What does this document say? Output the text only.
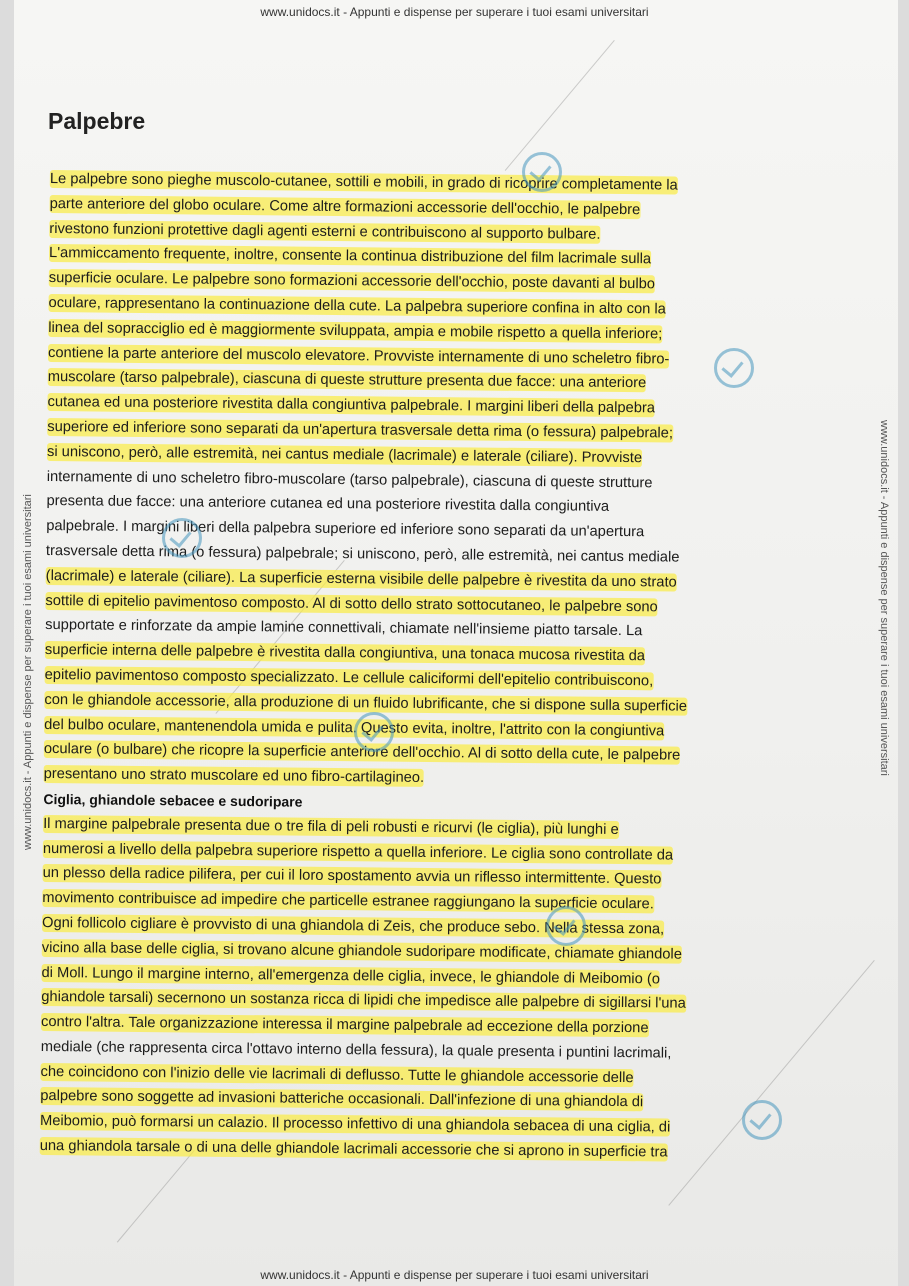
www.unidocs.it - Appunti e dispense per superare i tuoi esami universitari
www.unidocs.it - Appunti e dispense per superare i tuoi esami universitari
www.unidocs.it - Appunti e dispense per superare i tuoi esami universitari	www.unidocs.it - Appunti e dispense per superare i tuoi esami universitari
Palpebre
Le palpebre sono pieghe muscolo-cutanee, sottili e mobili, in grado di ricoprire completamente la
parte anteriore del globo oculare. Come altre formazioni accessorie dell'occhio, le palpebre
rivestono funzioni protettive dagli agenti esterni e contribuiscono al supporto bulbare.
L'ammiccamento frequente, inoltre, consente la continua distribuzione del film lacrimale sulla
superficie oculare. Le palpebre sono formazioni accessorie dell'occhio, poste davanti al bulbo
oculare, rappresentano la continuazione della cute. La palpebra superiore confina in alto con la
linea del sopracciglio ed è maggiormente sviluppata, ampia e mobile rispetto a quella inferiore;
contiene la parte anteriore del muscolo elevatore. Provviste internamente di uno scheletro fibro-
muscolare (tarso palpebrale), ciascuna di queste strutture presenta due facce: una anteriore
cutanea ed una posteriore rivestita dalla congiuntiva palpebrale. I margini liberi della palpebra
superiore ed inferiore sono separati da un'apertura trasversale detta rima (o fessura) palpebrale;
si uniscono, però, alle estremità, nei cantus mediale (lacrimale) e laterale (ciliare). Provviste
internamente di uno scheletro fibro-muscolare (tarso palpebrale), ciascuna di queste strutture
presenta due facce: una anteriore cutanea ed una posteriore rivestita dalla congiuntiva
palpebrale. I margini liberi della palpebra superiore ed inferiore sono separati da un'apertura
trasversale detta rima (o fessura) palpebrale; si uniscono, però, alle estremità, nei cantus mediale
(lacrimale) e laterale (ciliare). La superficie esterna visibile delle palpebre è rivestita da uno strato
sottile di epitelio pavimentoso composto. Al di sotto dello strato sottocutaneo, le palpebre sono
supportate e rinforzate da ampie lamine connettivali, chiamate nell'insieme piatto tarsale. La
superficie interna delle palpebre è rivestita dalla congiuntiva, una tonaca mucosa rivestita da
epitelio pavimentoso composto specializzato. Le cellule caliciformi dell'epitelio contribuiscono,
con le ghiandole accessorie, alla produzione di un fluido lubrificante, che si dispone sulla superficie
del bulbo oculare, mantenendola umida e pulita. Questo evita, inoltre, l'attrito con la congiuntiva
oculare (o bulbare) che ricopre la superficie anteriore dell'occhio. Al di sotto della cute, le palpebre
presentano uno strato muscolare ed uno fibro-cartilagineo.
Ciglia, ghiandole sebacee e sudoripare
Il margine palpebrale presenta due o tre fila di peli robusti e ricurvi (le ciglia), più lunghi e
numerosi a livello della palpebra superiore rispetto a quella inferiore. Le ciglia sono controllate da
un plesso della radice pilifera, per cui il loro spostamento avvia un riflesso intermittente. Questo
movimento contribuisce ad impedire che particelle estranee raggiungano la superficie oculare.
Ogni follicolo cigliare è provvisto di una ghiandola di Zeis, che produce sebo. Nella stessa zona,
vicino alla base delle ciglia, si trovano alcune ghiandole sudoripare modificate, chiamate ghiandole
di Moll. Lungo il margine interno, all'emergenza delle ciglia, invece, le ghiandole di Meibomio (o
ghiandole tarsali) secernono un sostanza ricca di lipidi che impedisce alle palpebre di sigillarsi l'una
contro l'altra. Tale organizzazione interessa il margine palpebrale ad eccezione della porzione
mediale (che rappresenta circa l'ottavo interno della fessura), la quale presenta i puntini lacrimali,
che coincidono con l'inizio delle vie lacrimali di deflusso. Tutte le ghiandole accessorie delle
palpebre sono soggette ad invasioni batteriche occasionali. Dall'infezione di una ghiandola di
Meibomio, può formarsi un calazio. Il processo infettivo di una ghiandola sebacea di una ciglia, di
una ghiandola tarsale o di una delle ghiandole lacrimali accessorie che si aprono in superficie tra
